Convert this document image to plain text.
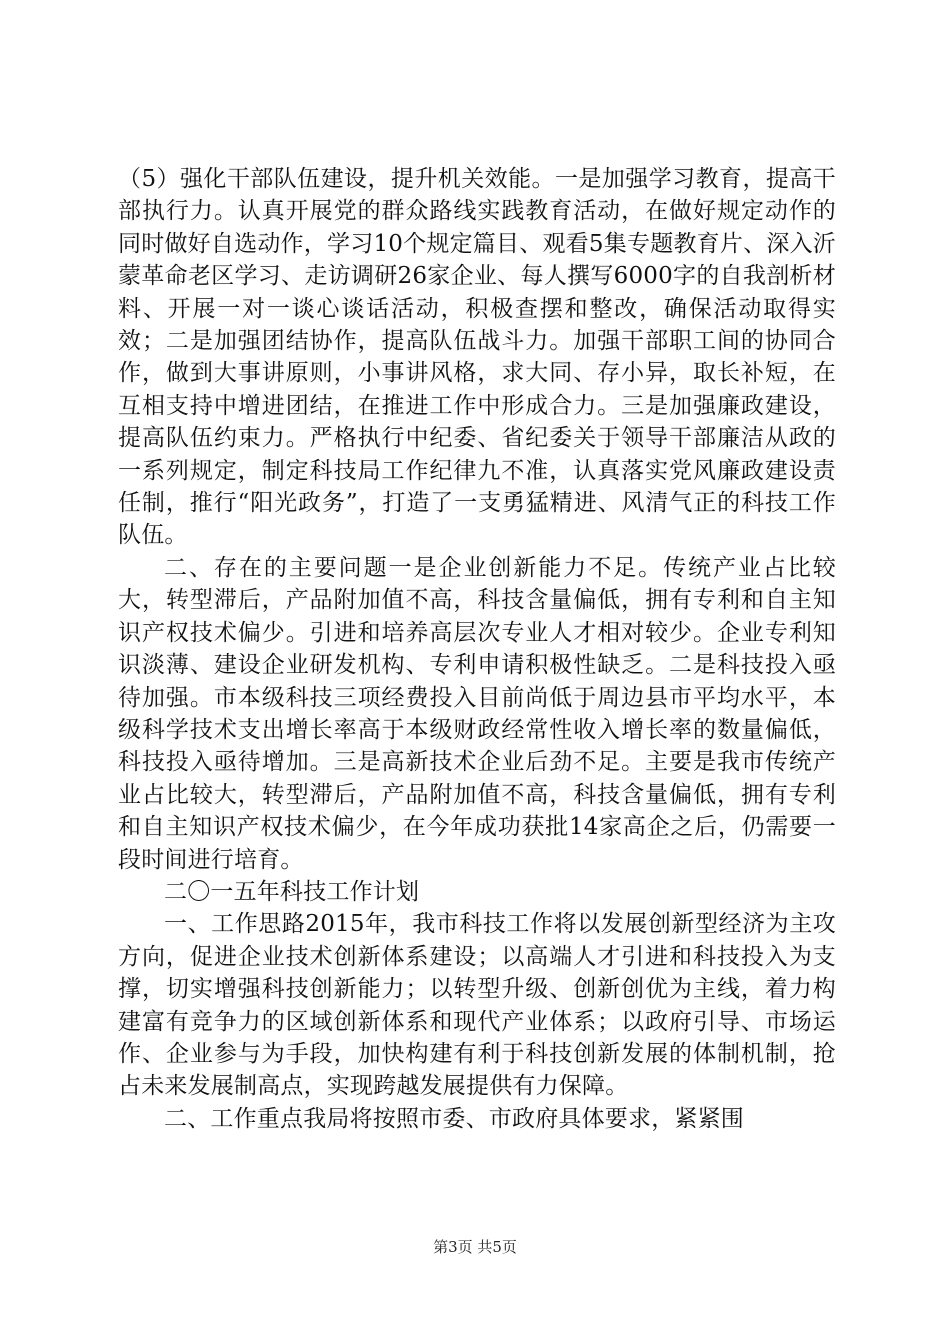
（5）强化干部队伍建设，提升机关效能。一是加强学习教育，提高干部执行力。认真开展党的群众路线实践教育活动，在做好规定动作的同时做好自选动作，学习10个规定篇目、观看5集专题教育片、深入沂蒙革命老区学习、走访调研26家企业、每人撰写6000字的自我剖析材料、开展一对一谈心谈话活动，积极查摆和整改，确保活动取得实效；二是加强团结协作，提高队伍战斗力。加强干部职工间的协同合作，做到大事讲原则，小事讲风格，求大同、存小异，取长补短，在互相支持中增进团结，在推进工作中形成合力。三是加强廉政建设，提高队伍约束力。严格执行中纪委、省纪委关于领导干部廉洁从政的一系列规定，制定科技局工作纪律九不准，认真落实党风廉政建设责任制，推行“阳光政务”，打造了一支勇猛精进、风清气正的科技工作队伍。

二、存在的主要问题一是企业创新能力不足。传统产业占比较大，转型滞后，产品附加值不高，科技含量偏低，拥有专利和自主知识产权技术偏少。引进和培养高层次专业人才相对较少。企业专利知识淡薄、建设企业研发机构、专利申请积极性缺乏。二是科技投入亟待加强。市本级科技三项经费投入目前尚低于周边县市平均水平，本级科学技术支出增长率高于本级财政经常性收入增长率的数量偏低，科技投入亟待增加。三是高新技术企业后劲不足。主要是我市传统产业占比较大，转型滞后，产品附加值不高，科技含量偏低，拥有专利和自主知识产权技术偏少，在今年成功获批14家高企之后，仍需要一段时间进行培育。

二〇一五年科技工作计划

一、工作思路2015年，我市科技工作将以发展创新型经济为主攻方向，促进企业技术创新体系建设；以高端人才引进和科技投入为支撑，切实增强科技创新能力；以转型升级、创新创优为主线，着力构建富有竞争力的区域创新体系和现代产业体系；以政府引导、市场运作、企业参与为手段，加快构建有利于科技创新发展的体制机制，抢占未来发展制高点，实现跨越发展提供有力保障。

二、工作重点我局将按照市委、市政府具体要求，紧紧围

第3页 共5页
